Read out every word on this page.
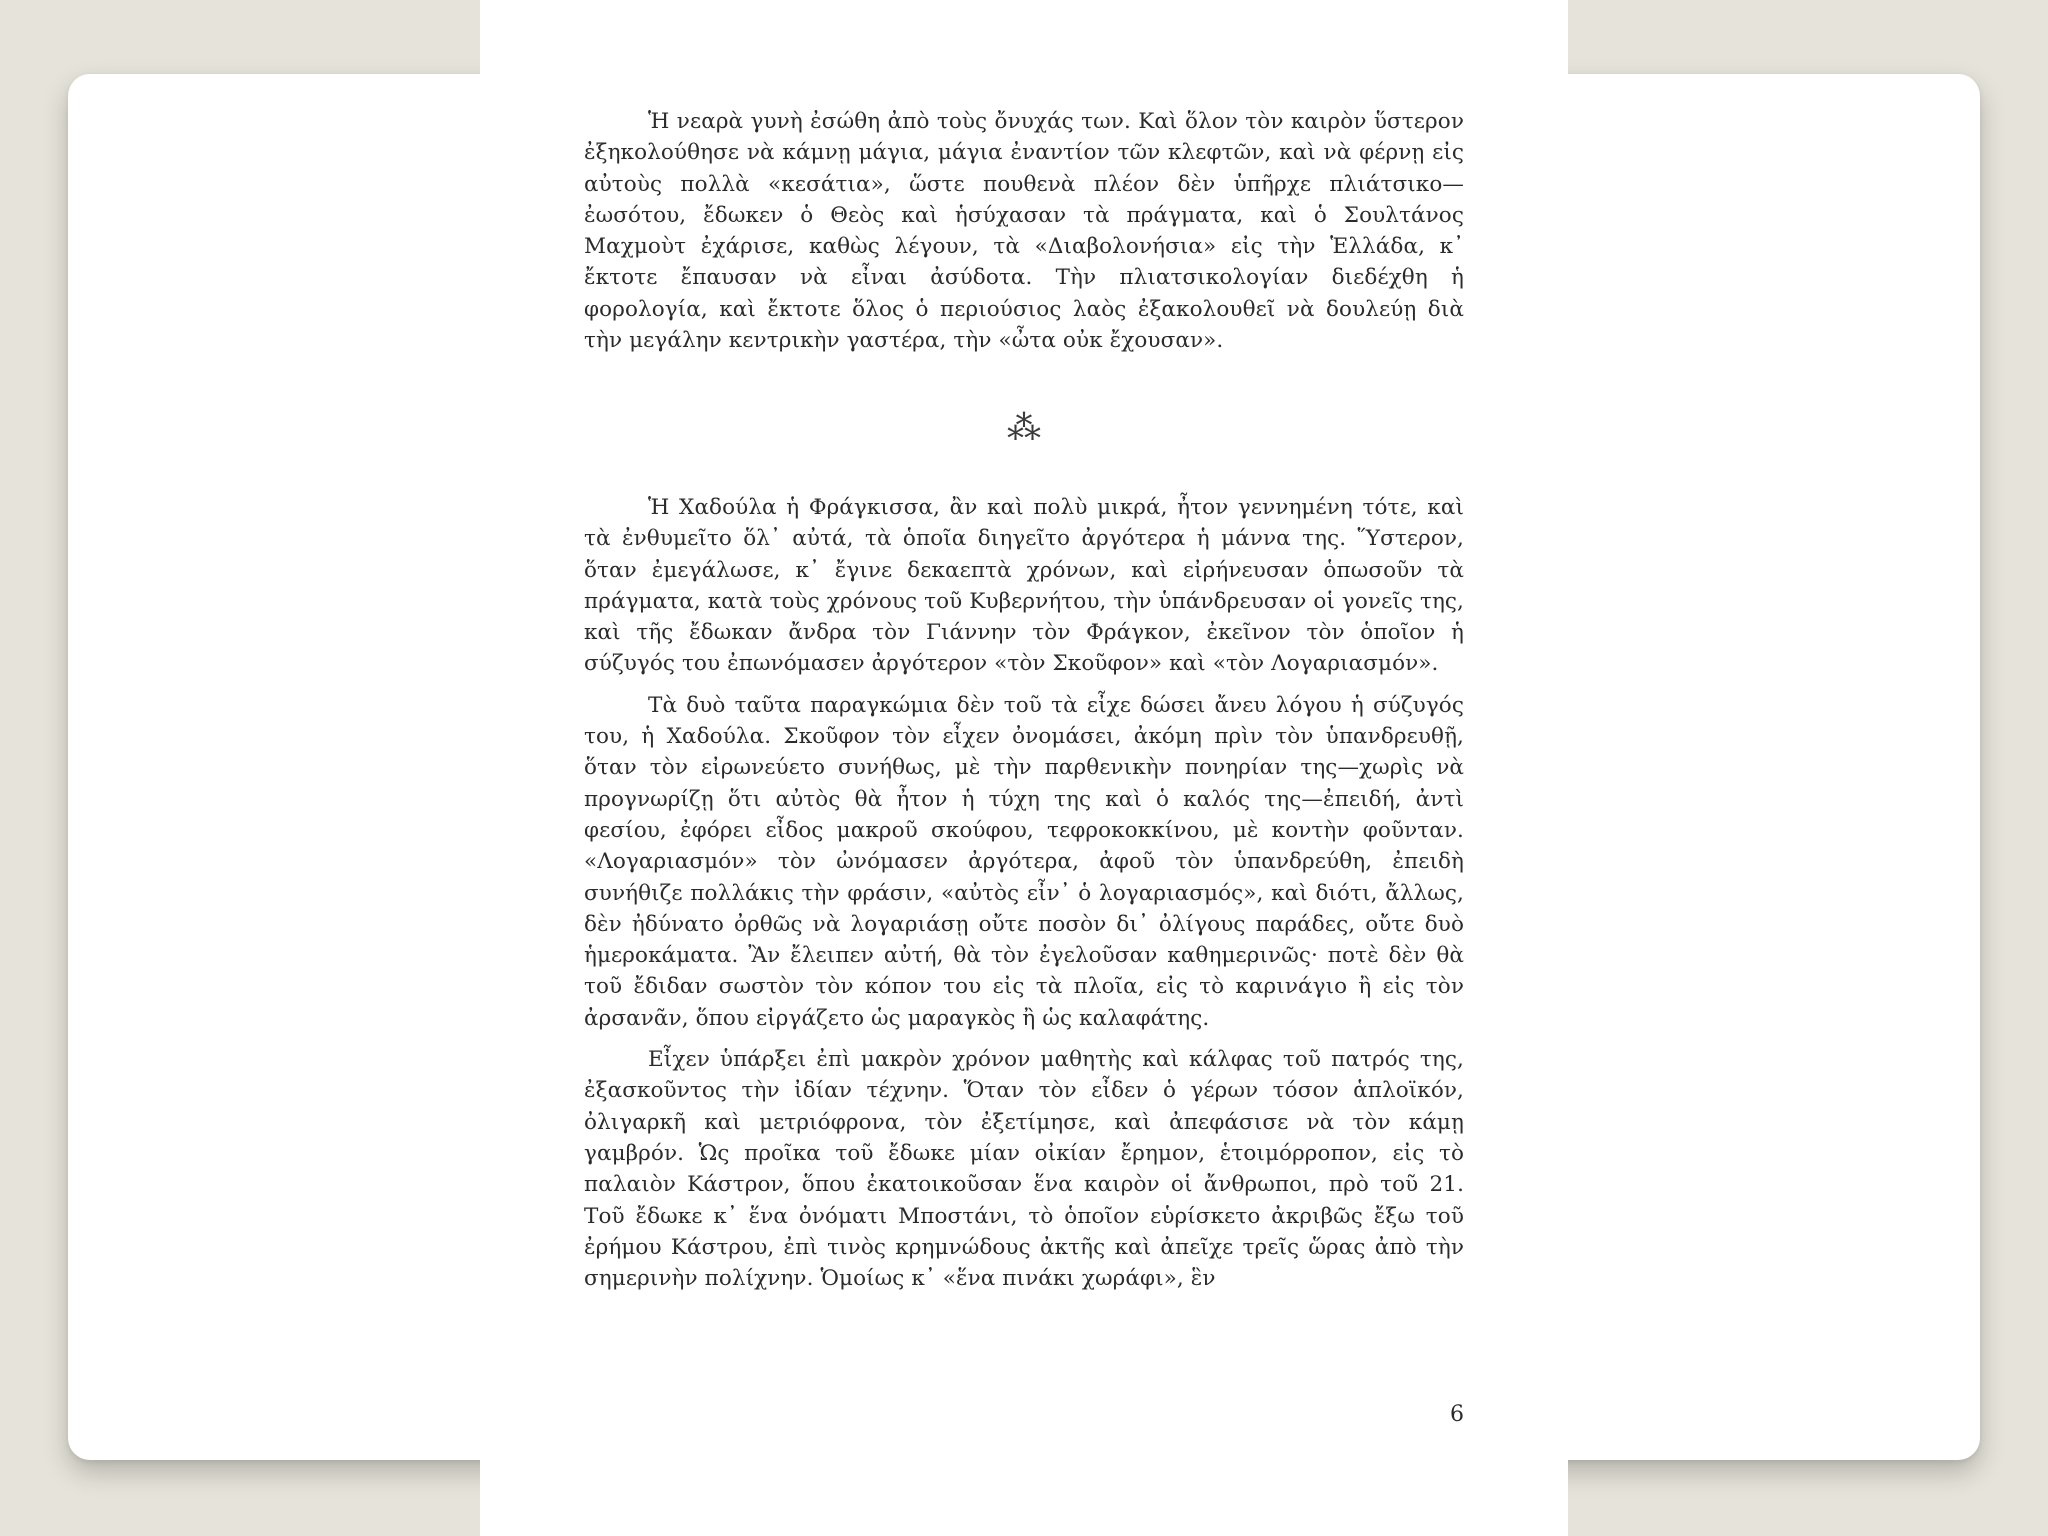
Ἡ νεαρὰ γυνὴ ἐσώθη ἀπὸ τοὺς ὄνυχάς των. Καὶ ὅλον τὸν καιρὸν ὕστερον ἐξηκολούθησε νὰ κάμνῃ μάγια, μάγια ἐναντίον τῶν κλεφτῶν, καὶ νὰ φέρνῃ εἰς αὐτοὺς πολλὰ «κεσάτια», ὥστε πουθενὰ πλέον δὲν ὑπῆρχε πλιάτσικο—ἐωσότου, ἔδωκεν ὁ Θεὸς καὶ ἡσύχασαν τὰ πράγματα, καὶ ὁ Σουλτάνος Μαχμοὺτ ἐχάρισε, καθὼς λέγουν, τὰ «Διαβολονήσια» εἰς τὴν Ἑλλάδα, κ᾽ ἔκτοτε ἔπαυσαν νὰ εἶναι ἀσύδοτα. Τὴν πλιατσικολογίαν διεδέχθη ἡ φορολογία, καὶ ἔκτοτε ὅλος ὁ περιούσιος λαὸς ἐξακολουθεῖ νὰ δουλεύῃ διὰ τὴν μεγάλην κεντρικὴν γαστέρα, τὴν «ὦτα οὐκ ἔχουσαν».

⁂

Ἡ Χαδούλα ἡ Φράγκισσα, ἂν καὶ πολὺ μικρά, ἦτον γεννημένη τότε, καὶ τὰ ἐνθυμεῖτο ὅλ᾽ αὐτά, τὰ ὁποῖα διηγεῖτο ἀργότερα ἡ μάννα της. Ὕστερον, ὅταν ἐμεγάλωσε, κ᾽ ἔγινε δεκαεπτὰ χρόνων, καὶ εἰρήνευσαν ὁπωσοῦν τὰ πράγματα, κατὰ τοὺς χρόνους τοῦ Κυβερνήτου, τὴν ὑπάνδρευσαν οἱ γονεῖς της, καὶ τῆς ἔδωκαν ἄνδρα τὸν Γιάννην τὸν Φράγκον, ἐκεῖνον τὸν ὁποῖον ἡ σύζυγός του ἐπωνόμασεν ἀργότερον «τὸν Σκοῦφον» καὶ «τὸν Λογαριασμόν».

Τὰ δυὸ ταῦτα παραγκώμια δὲν τοῦ τὰ εἶχε δώσει ἄνευ λόγου ἡ σύζυγός του, ἡ Χαδούλα. Σκοῦφον τὸν εἶχεν ὀνομάσει, ἀκόμη πρὶν τὸν ὑπανδρευθῇ, ὅταν τὸν εἰρωνεύετο συνήθως, μὲ τὴν παρθενικὴν πονηρίαν της—χωρὶς νὰ προγνωρίζῃ ὅτι αὐτὸς θὰ ἦτον ἡ τύχη της καὶ ὁ καλός της—ἐπειδή, ἀντὶ φεσίου, ἐφόρει εἶδος μακροῦ σκούφου, τεφροκοκκίνου, μὲ κοντὴν φοῦνταν. «Λογαριασμόν» τὸν ὠνόμασεν ἀργότερα, ἀφοῦ τὸν ὑπανδρεύθη, ἐπειδὴ συνήθιζε πολλάκις τὴν φράσιν, «αὐτὸς εἶν᾽ ὁ λογαριασμός», καὶ διότι, ἄλλως, δὲν ἠδύνατο ὀρθῶς νὰ λογαριάσῃ οὔτε ποσὸν δι᾽ ὀλίγους παράδες, οὔτε δυὸ ἡμεροκάματα. Ἂν ἔλειπεν αὐτή, θὰ τὸν ἐγελοῦσαν καθημερινῶς· ποτὲ δὲν θὰ τοῦ ἔδιδαν σωστὸν τὸν κόπον του εἰς τὰ πλοῖα, εἰς τὸ καρινάγιο ἢ εἰς τὸν ἀρσανᾶν, ὅπου εἰργάζετο ὡς μαραγκὸς ἢ ὡς καλαφάτης.

Εἶχεν ὑπάρξει ἐπὶ μακρὸν χρόνον μαθητὴς καὶ κάλφας τοῦ πατρός της, ἐξασκοῦντος τὴν ἰδίαν τέχνην. Ὅταν τὸν εἶδεν ὁ γέρων τόσον ἁπλοϊκόν, ὀλιγαρκῆ καὶ μετριόφρονα, τὸν ἐξετίμησε, καὶ ἀπεφάσισε νὰ τὸν κάμῃ γαμβρόν. Ὡς προῖκα τοῦ ἔδωκε μίαν οἰκίαν ἔρημον, ἑτοιμόρροπον, εἰς τὸ παλαιὸν Κάστρον, ὅπου ἐκατοικοῦσαν ἕνα καιρὸν οἱ ἄνθρωποι, πρὸ τοῦ 21. Τοῦ ἔδωκε κ᾽ ἕνα ὀνόματι Μποστάνι, τὸ ὁποῖον εὑρίσκετο ἀκριβῶς ἔξω τοῦ ἐρήμου Κάστρου, ἐπὶ τινὸς κρημνώδους ἀκτῆς καὶ ἀπεῖχε τρεῖς ὥρας ἀπὸ τὴν σημερινὴν πολίχνην. Ὁμοίως κ᾽ «ἕνα πινάκι χωράφι», ἓν

6
